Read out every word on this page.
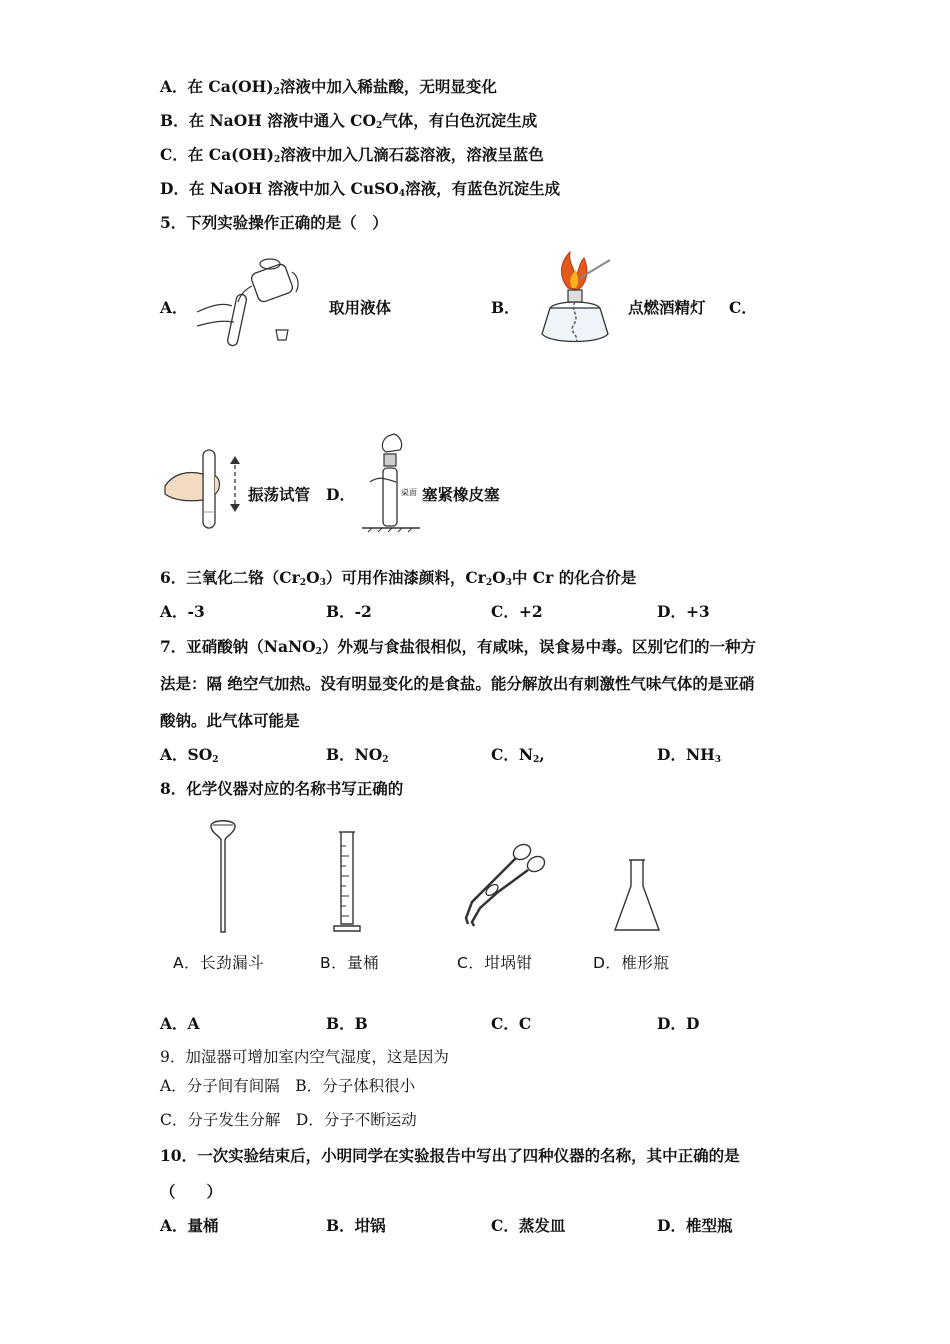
A．在 $Ca(OH)_2$溶液中加入稀盐酸，无明显变化
B．在 NaOH 溶液中通入 $CO_2$气体，有白色沉淀生成
C．在 $Ca(OH)_2$溶液中加入几滴石蕊溶液，溶液呈蓝色
D．在 NaOH 溶液中加入 CuSO$_4$溶液，有蓝色沉淀生成
5．下列实验操作正确的是（　）
A．	取用液体	B．	点燃酒精灯 C．
振荡试管 D．	桌面 塞紧橡皮塞
6．三氧化二铬$(Cr_2O_3)$可用作油漆颜料，$Cr_2O_3$中 Cr 的化合价是
A．-3	B．-2	C．+2	D．+3
7．亚硝酸钠（NaNO$_2$）外观与食盐很相似，有咸味，误食易中毒。区别它们的一种方
法是：隔 绝空气加热。没有明显变化的是食盐。能分解放出有刺激性气味气体的是亚硝
酸钠。此气体可能是
A．$SO_2$	B．$NO_2$	C．$N_2$,	D．$NH_3$
8．化学仪器对应的名称书写正确的
A．长劲漏斗	B．量桶	C．坩埚钳	D．椎形瓶
A．A	B．B	C．C	D．D
9．加湿器可增加室内空气湿度，这是因为
A．分子间有间隔　B．分子体积很小
C．分子发生分解　D．分子不断运动
10．一次实验结束后，小明同学在实验报告中写出了四种仪器的名称，其中正确的是
（　　）
A．量桶	B．坩锅	C．蒸发皿	D．椎型瓶
